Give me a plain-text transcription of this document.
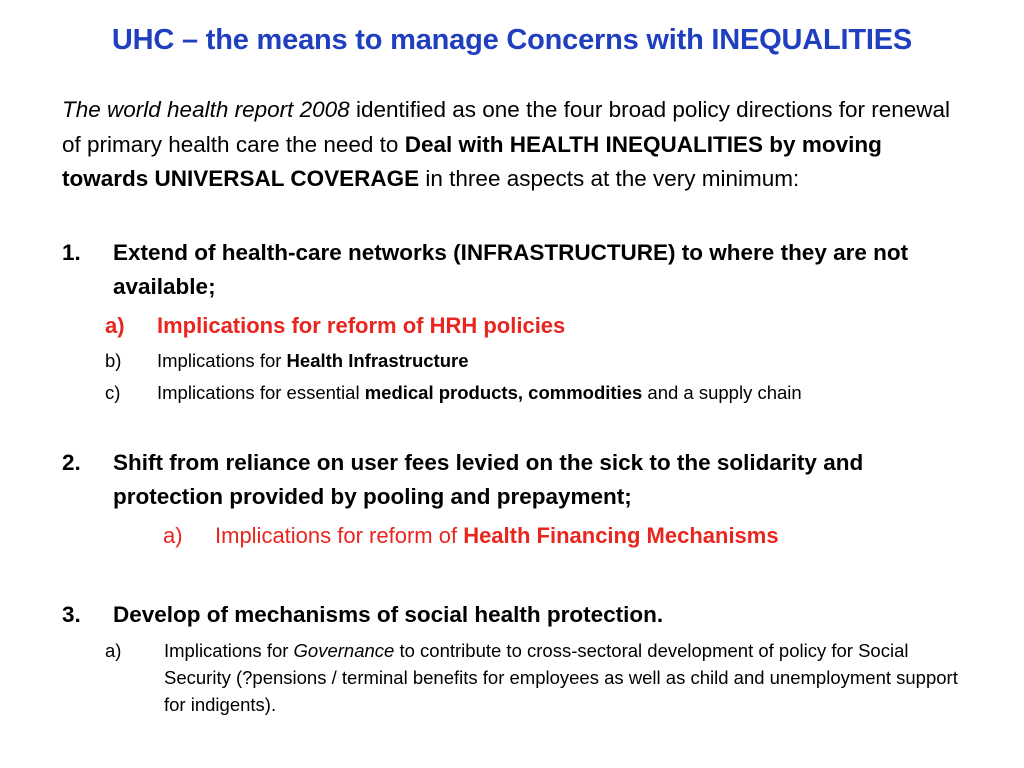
UHC – the means to manage Concerns with INEQUALITIES
The world health report 2008 identified as one the four broad policy directions for renewal of primary health care the need to Deal with HEALTH INEQUALITIES by moving towards UNIVERSAL COVERAGE in three aspects at the very minimum:
1. Extend of health-care networks (INFRASTRUCTURE) to where they are not available;
a) Implications for reform of HRH policies
b) Implications for Health Infrastructure
c) Implications for essential medical products, commodities and a supply chain
2. Shift from reliance on user fees levied on the sick to the solidarity and protection provided by pooling and prepayment;
a) Implications for reform of Health Financing Mechanisms
3. Develop of mechanisms of social health protection.
a) Implications for Governance to contribute to cross-sectoral development of policy for Social Security (?pensions / terminal benefits for employees as well as child and unemployment support for indigents).
